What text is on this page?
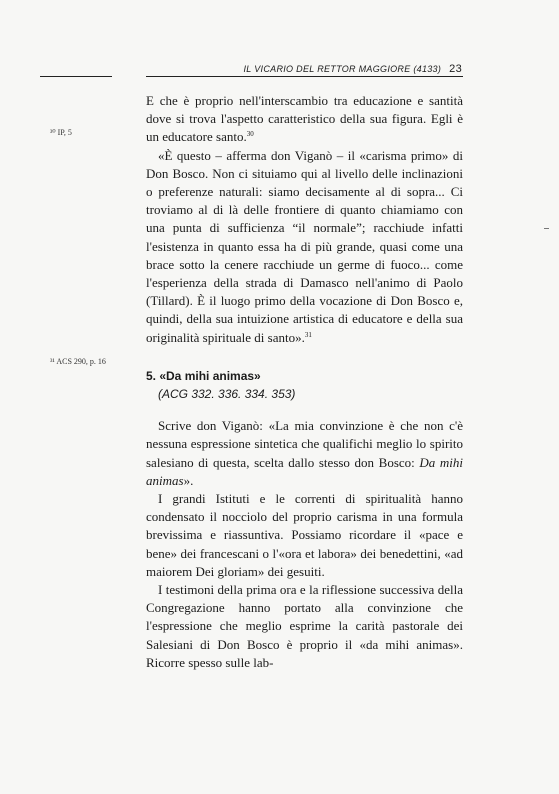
IL VICARIO DEL RETTOR MAGGIORE (4133) 23
³⁰ IP, 5
³¹ ACS 290, p. 16

E che è proprio nell'interscambio tra educazione e santità dove si trova l'aspetto caratteristico della sua figura. Egli è un educatore santo.$^{30}$

«È questo – afferma don Viganò – il «carisma primo» di Don Bosco. Non ci situiamo qui al livello delle inclinazioni o preferenze naturali: siamo decisamente al di sopra... Ci troviamo al di là delle frontiere di quanto chiamiamo con una punta di sufficienza “il normale”; racchiude infatti l'esistenza in quanto essa ha di più grande, quasi come una brace sotto la cenere racchiude un germe di fuoco... come l'esperienza della strada di Damasco nell'animo di Paolo (Tillard). È il luogo primo della vocazione di Don Bosco e, quindi, della sua intuizione artistica di educatore e della sua originalità spirituale di santo».$^{31}$

5. «Da mihi animas»

(ACG 332. 336. 334. 353)

Scrive don Viganò: «La mia convinzione è che non c'è nessuna espressione sintetica che qualifichi meglio lo spirito salesiano di questa, scelta dallo stesso don Bosco: Da mihi animas».

I grandi Istituti e le correnti di spiritualità hanno condensato il nocciolo del proprio carisma in una formula brevissima e riassuntiva. Possiamo ricordare il «pace e bene» dei francescani o l'«ora et labora» dei benedettini, «ad maiorem Dei gloriam» dei gesuiti.

I testimoni della prima ora e la riflessione successiva della Congregazione hanno portato alla convinzione che l'espressione che meglio esprime la carità pastorale dei Salesiani di Don Bosco è proprio il «da mihi animas». Ricorre spesso sulle lab-
